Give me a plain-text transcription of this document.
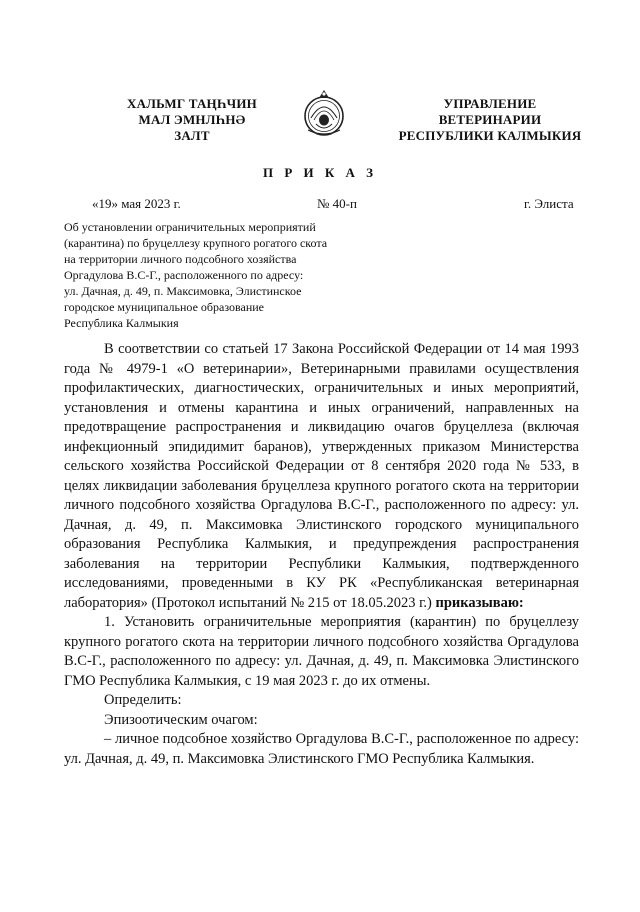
ХАЛЬМГ ТАҢҺЧИН
МАЛ ЭМНЛҺНӘ
ЗАЛТ
УПРАВЛЕНИЕ
ВЕТЕРИНАРИИ
РЕСПУБЛИКИ КАЛМЫКИЯ
П Р И К А З
«19» мая 2023 г.	№ 40-п	г. Элиста
Об установлении ограничительных мероприятий
(карантина) по бруцеллезу крупного рогатого скота
на территории личного подсобного хозяйства
Оргадулова В.С-Г., расположенного по адресу:
ул. Дачная, д. 49, п. Максимовка, Элистинское
городское муниципальное образование
Республика Калмыкия

В соответствии со статьей 17 Закона Российской Федерации от 14 мая 1993 года № 4979-1 «О ветеринарии», Ветеринарными правилами осуществления профилактических, диагностических, ограничительных и иных мероприятий, установления и отмены карантина и иных ограничений, направленных на предотвращение распространения и ликвидацию очагов бруцеллеза (включая инфекционный эпидидимит баранов), утвержденных приказом Министерства сельского хозяйства Российской Федерации от 8 сентября 2020 года № 533, в целях ликвидации заболевания бруцеллеза крупного рогатого скота на территории личного подсобного хозяйства Оргадулова В.С-Г., расположенного по адресу: ул. Дачная, д. 49, п. Максимовка Элистинского городского муниципального образования Республика Калмыкия, и предупреждения распространения заболевания на территории Республики Калмыкия, подтвержденного исследованиями, проведенными в КУ РК «Республиканская ветеринарная лаборатория» (Протокол испытаний № 215 от 18.05.2023 г.) приказываю:

1. Установить ограничительные мероприятия (карантин) по бруцеллезу крупного рогатого скота на территории личного подсобного хозяйства Оргадулова В.С-Г., расположенного по адресу: ул. Дачная, д. 49, п. Максимовка Элистинского ГМО Республика Калмыкия, с 19 мая 2023 г. до их отмены.

Определить:

Эпизоотическим очагом:

– личное подсобное хозяйство Оргадулова В.С-Г., расположенное по адресу: ул. Дачная, д. 49, п. Максимовка Элистинского ГМО Республика Калмыкия.
